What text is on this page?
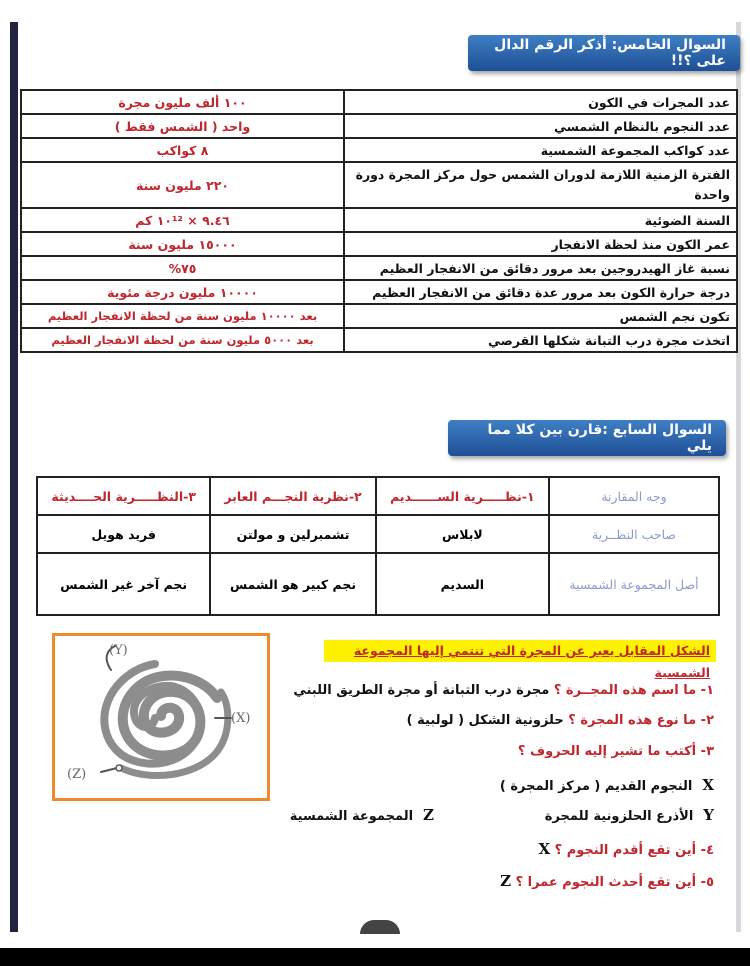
السوال الخامس: أذكر الرقم الدال على ؟!!
عدد المجرات في الكون	١٠٠ ألف مليون مجرة
عدد النجوم بالنظام الشمسي	واحد ( الشمس فقط )
عدد كواكب المجموعة الشمسية	٨ كواكب
الفترة الزمنية اللازمة لدوران الشمس حول مركز المجرة دورة واحدة	٢٢٠ مليون سنة
السنة الضوئية	٩.٤٦ × ١٠¹² كم
عمر الكون منذ لحظة الانفجار	١٥٠٠٠ مليون سنة
نسبة غاز الهيدروجين بعد مرور دقائق من الانفجار العظيم	٧٥%
درجة حرارة الكون بعد مرور عدة دقائق من الانفجار العظيم	١٠٠٠٠ مليون درجة مئوية
تكون نجم الشمس	بعد ١٠٠٠٠ مليون سنة من لحظة الانفجار العظيم
اتخذت مجرة درب التبانة شكلها القرصي	بعد ٥٠٠٠ مليون سنة من لحظة الانفجار العظيم
السوال السابع :قارن بين كلا مما يلي
وجه المقارنة	١-نظـــــرية الســــــديم	٢-نظرية النجـــم العابر	٣-النظـــــرية الحــــديثة
صاحب النظــرية	لابلاس	تشمبرلين و مولتن	فريد هويل
أصل المجموعة الشمسية	السديم	نجم كبير هو الشمس	نجم آخر غير الشمس
(Y)
(X)
(Z)
الشكل المقابل يعبر عن المجرة التي تنتمي إليها المجموعة الشمسية
١- ما اسم هذه المجــرة ؟ مجرة درب التبانة أو مجرة الطريق اللبني
٢- ما نوع هذه المجرة ؟ حلزونية الشكل ( لولبية )
٣- أكتب ما تشير إليه الحروف ؟
Xالنجوم القديم ( مركز المجرة )
Yالأذرع الحلزونية للمجرة
Zالمجموعة الشمسية
٤- أين تقع أقدم النجوم ؟ X
٥- أين تقع أحدث النجوم عمرا ؟ Z
